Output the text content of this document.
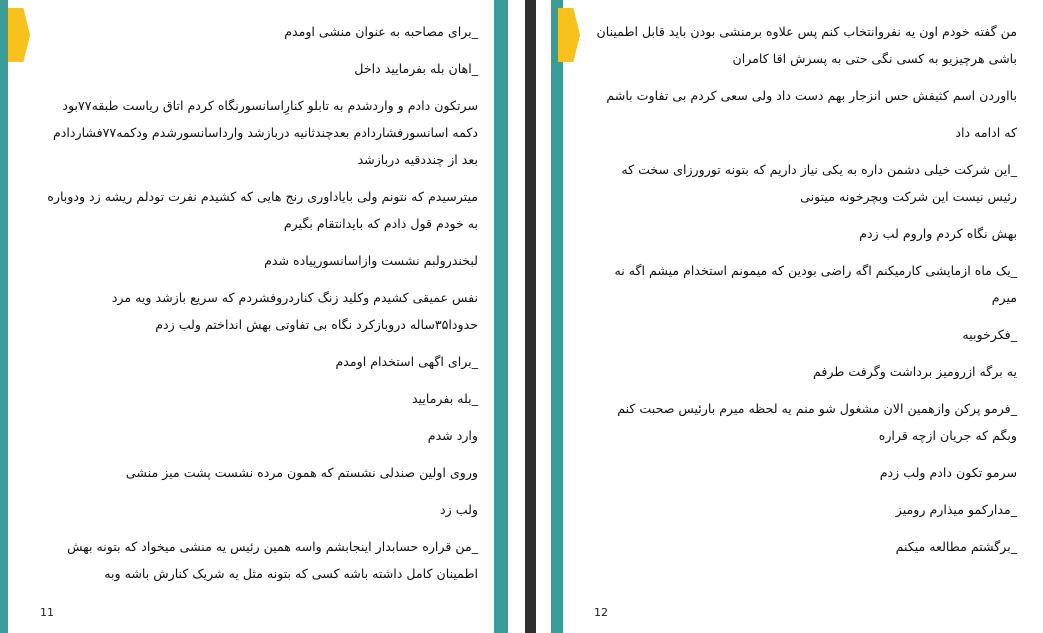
_برای مصاحبه به عنوان منشی اومدم

_اهان بله بفرمایید داخل

سرتکون دادم و واردشدم به تابلو کنارِاسانسورنگاه کردم اتاق ریاست طبقه۷۷بود دکمه اسانسورفشاردادم بعدچندثانیه دربازشد وارداسانسورشدم ودکمه۷۷فشاردادم بعد از چنددقیه دربازشد

میترسیدم که نتونم ولی بایاداوری رنج هایی که کشیدم نفرت تودلم ریشه زد ودوباره به خودم قول دادم که بایدانتقام بگیرم

لبخندرولبم نشست وازاسانسورپیاده شدم

نفس عمیقی کشیدم وکلید زنگ کناردروفشردم که سریع بازشد ویه مرد حدودا۳۵ساله دروبازکرد نگاه بی تفاوتی بهش انداختم ولب زدم

_برای اگهی استخدام اومدم

_بله بفرمایید

وارد شدم

وروی اولین صندلی نشستم که همون مرده نشست پشت میز منشی

ولب زد

_من قراره حسابدار اینجابشم واسه همین رئیس یه منشی میخواد که بتونه بهش اطمینان کامل داشته باشه کسی که بتونه مثل یه شریک کنارش باشه وبه

11

من گفته خودم اون یه نفروانتخاب کنم پس علاوه برمنشی بودن باید قابل اطمینان باشی هرچیزیو به کسی نگی حتی به پسرش اقا کامران

بااوردن اسم کثیفش حس انزجار بهم دست داد ولی سعی کردم بی تفاوت باشم

که ادامه داد

_این شرکت خیلی دشمن داره به یکی نیاز داریم که بتونه تورورزای سخت که رئیس نیست این شرکت وبچرخونه میتونی

بهش نگاه کردم واروم لب زدم

_یک ماه ازمایشی کارمیکنم اگه راضی بودین که میمونم استخدام میشم اگه نه میرم

_فکرخوبیه

یه برگه ازرومیز برداشت وگرفت طرفم

_فرمو پرکن وازهمین الان مشغول شو منم یه لحظه میرم بارئیس صحبت کنم وبگم که جریان ازچه قراره

سرمو تکون دادم ولب زدم

_مدارکمو میذارم رومیز

_برگشتم مطالعه میکنم

12
